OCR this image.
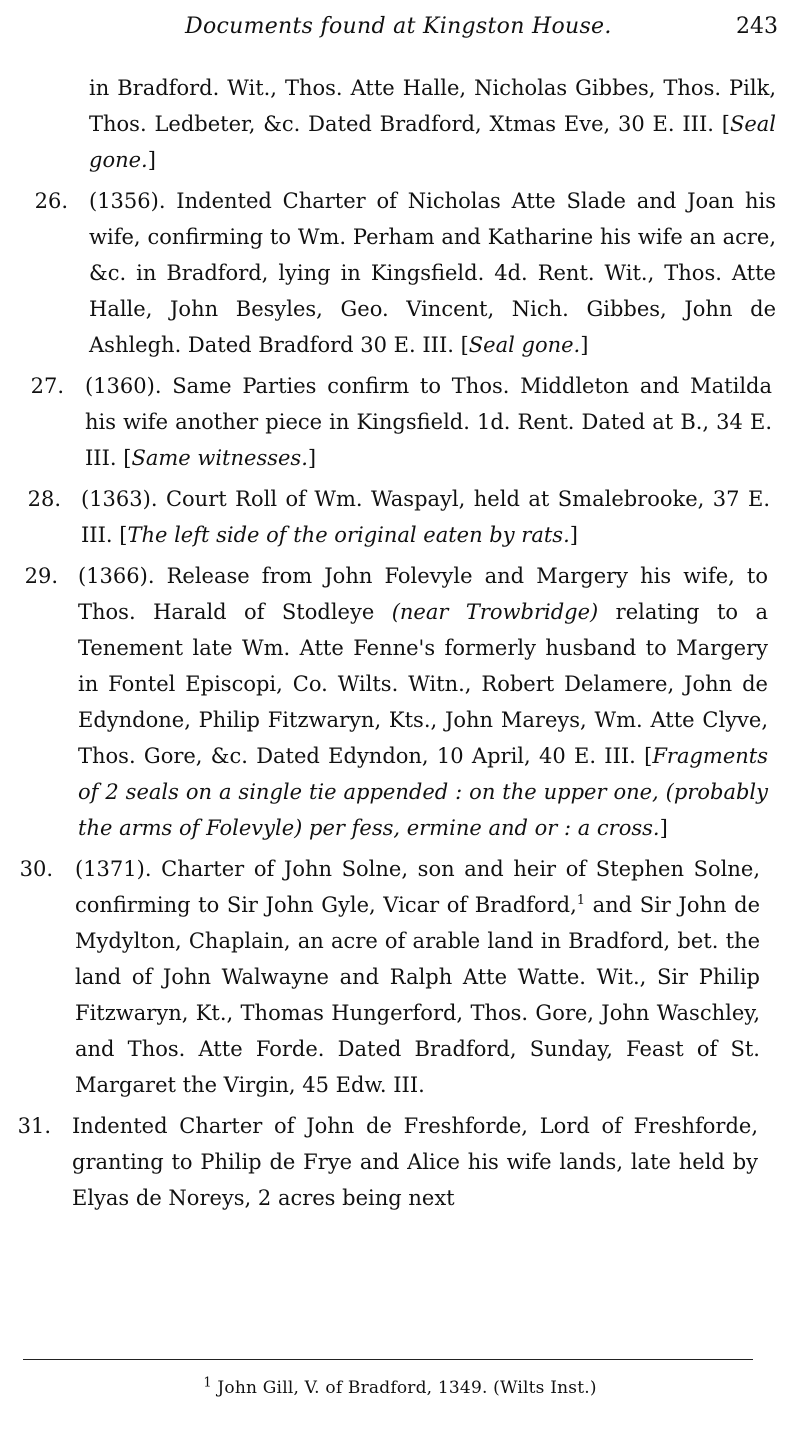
Documents found at Kingston House.	243
in Bradford. Wit., Thos. Atte Halle, Nicholas Gibbes, Thos. Pilk, Thos. Ledbeter, &c. Dated Bradford, Xtmas Eve, 30 E. III. [Seal gone.]
26. (1356). Indented Charter of Nicholas Atte Slade and Joan his wife, confirming to Wm. Perham and Katharine his wife an acre, &c. in Bradford, lying in Kingsfield. 4d. Rent. Wit., Thos. Atte Halle, John Besyles, Geo. Vincent, Nich. Gibbes, John de Ashlegh. Dated Bradford 30 E. III. [Seal gone.]
27. (1360). Same Parties confirm to Thos. Middleton and Matilda his wife another piece in Kingsfield. 1d. Rent. Dated at B., 34 E. III. [Same witnesses.]
28. (1363). Court Roll of Wm. Waspayl, held at Smalebrooke, 37 E. III. [The left side of the original eaten by rats.]
29. (1366). Release from John Folevyle and Margery his wife, to Thos. Harald of Stodleye (near Trowbridge) relating to a Tenement late Wm. Atte Fenne's formerly husband to Margery in Fontel Episcopi, Co. Wilts. Witn., Robert Delamere, John de Edyndone, Philip Fitzwaryn, Kts., John Mareys, Wm. Atte Clyve, Thos. Gore, &c. Dated Edyndon, 10 April, 40 E. III. [Fragments of 2 seals on a single tie appended : on the upper one, (probably the arms of Folevyle) per fess, ermine and or : a cross.]
30. (1371). Charter of John Solne, son and heir of Stephen Solne, confirming to Sir John Gyle, Vicar of Bradford,$^1$ and Sir John de Mydylton, Chaplain, an acre of arable land in Bradford, bet. the land of John Walwayne and Ralph Atte Watte. Wit., Sir Philip Fitzwaryn, Kt., Thomas Hungerford, Thos. Gore, John Waschley, and Thos. Atte Forde. Dated Bradford, Sunday, Feast of St. Margaret the Virgin, 45 Edw. III.
31. Indented Charter of John de Freshforde, Lord of Freshforde, granting to Philip de Frye and Alice his wife lands, late held by Elyas de Noreys, 2 acres being next
$^1$ John Gill, V. of Bradford, 1349. (Wilts Inst.)
